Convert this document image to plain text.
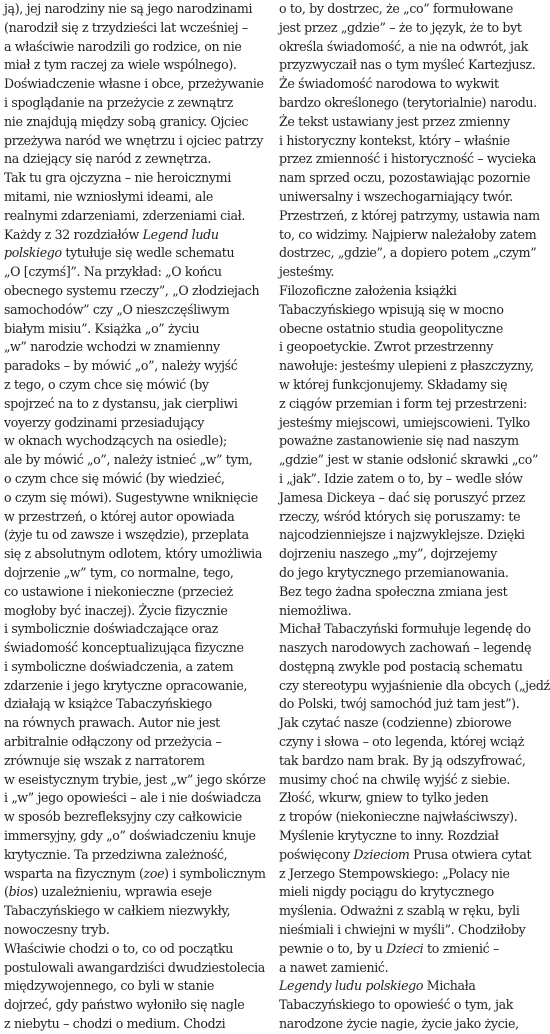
ją), jej narodziny nie są jego narodzinami
(narodził się z trzydzieści lat wcześniej –
a właściwie narodzili go rodzice, on nie
miał z tym raczej za wiele wspólnego).
Doświadczenie własne i obce, przeżywanie
i spoglądanie na przeżycie z zewnątrz
nie znajdują między sobą granicy. Ojciec
przeżywa naród we wnętrzu i ojciec patrzy
na dziejący się naród z zewnętrza.
Tak tu gra ojczyzna – nie heroicznymi
mitami, nie wzniosłymi ideami, ale
realnymi zdarzeniami, zderzeniami ciał.
Każdy z 32 rozdziałów Legend ludu
polskiego tytułuje się wedle schematu
„O [czymś]”. Na przykład: „O końcu
obecnego systemu rzeczy”, „O złodziejach
samochodów” czy „O nieszczęśliwym
białym misiu”. Książka „o” życiu
„w” narodzie wchodzi w znamienny
paradoks – by mówić „o”, należy wyjść
z tego, o czym chce się mówić (by
spojrzeć na to z dystansu, jak cierpliwi
voyerzy godzinami przesiadujący
w oknach wychodzących na osiedle);
ale by mówić „o”, należy istnieć „w” tym,
o czym chce się mówić (by wiedzieć,
o czym się mówi). Sugestywne wniknięcie
w przestrzeń, o której autor opowiada
(żyje tu od zawsze i wszędzie), przeplata
się z absolutnym odlotem, który umożliwia
dojrzenie „w” tym, co normalne, tego,
co ustawione i niekonieczne (przecież
mogłoby być inaczej). Życie fizycznie
i symbolicznie doświadczające oraz
świadomość konceptualizująca fizyczne
i symboliczne doświadczenia, a zatem
zdarzenie i jego krytyczne opracowanie,
działają w książce Tabaczyńskiego
na równych prawach. Autor nie jest
arbitralnie odłączony od przeżycia –
zrównuje się wszak z narratorem
w eseistycznym trybie, jest „w” jego skórze
i „w” jego opowieści – ale i nie doświadcza
w sposób bezrefleksyjny czy całkowicie
immersyjny, gdy „o” doświadczeniu knuje
krytycznie. Ta przedziwna zależność,
wsparta na fizycznym (zoe) i symbolicznym
(bios) uzależnieniu, wprawia eseje
Tabaczyńskiego w całkiem niezwykły,
nowoczesny tryb.
Właściwie chodzi o to, co od początku
postulowali awangardziści dwudziestolecia
międzywojennego, co byli w stanie
dojrzeć, gdy państwo wyłoniło się nagle
z niebytu – chodzi o medium. Chodzi
o to, by dostrzec, że „co” formułowane
jest przez „gdzie” – że to język, że to byt
określa świadomość, a nie na odwrót, jak
przyzwyczaił nas o tym myśleć Kartezjusz.
Że świadomość narodowa to wykwit
bardzo określonego (terytorialnie) narodu.
Że tekst ustawiany jest przez zmienny
i historyczny kontekst, który – właśnie
przez zmienność i historyczność – wycieka
nam sprzed oczu, pozostawiając pozornie
uniwersalny i wszechogarniający twór.
Przestrzeń, z której patrzymy, ustawia nam
to, co widzimy. Najpierw należałoby zatem
dostrzec, „gdzie”, a dopiero potem „czym”
jesteśmy.
Filozoficzne założenia książki
Tabaczyńskiego wpisują się w mocno
obecne ostatnio studia geopolityczne
i geopoetyckie. Zwrot przestrzenny
nawołuje: jesteśmy ulepieni z płaszczyzny,
w której funkcjonujemy. Składamy się
z ciągów przemian i form tej przestrzeni:
jesteśmy miejscowi, umiejscowieni. Tylko
poważne zastanowienie się nad naszym
„gdzie” jest w stanie odsłonić skrawki „co”
i „jak”. Idzie zatem o to, by – wedle słów
Jamesa Dickeya – dać się poruszyć przez
rzeczy, wśród których się poruszamy: te
najcodzienniejsze i najzwyklejsze. Dzięki
dojrzeniu naszego „my”, dojrzejemy
do jego krytycznego przemianowania.
Bez tego żadna społeczna zmiana jest
niemożliwa.
Michał Tabaczyński formułuje legendę do
naszych narodowych zachowań – legendę
dostępną zwykle pod postacią schematu
czy stereotypu wyjaśnienie dla obcych („jedź
do Polski, twój samochód już tam jest”).
Jak czytać nasze (codzienne) zbiorowe
czyny i słowa – oto legenda, której wciąż
tak bardzo nam brak. By ją odszyfrować,
musimy choć na chwilę wyjść z siebie.
Złość, wkurw, gniew to tylko jeden
z tropów (niekonieczne najwłaściwszy).
Myślenie krytyczne to inny. Rozdział
poświęcony Dzieciom Prusa otwiera cytat
z Jerzego Stempowskiego: „Polacy nie
mieli nigdy pociągu do krytycznego
myślenia. Odważni z szablą w ręku, byli
nieśmiali i chwiejni w myśli”. Chodziłoby
pewnie o to, by u Dzieci to zmienić –
a nawet zamienić.
Legendy ludu polskiego Michała
Tabaczyńskiego to opowieść o tym, jak
narodzone życie nagie, życie jako życie,
